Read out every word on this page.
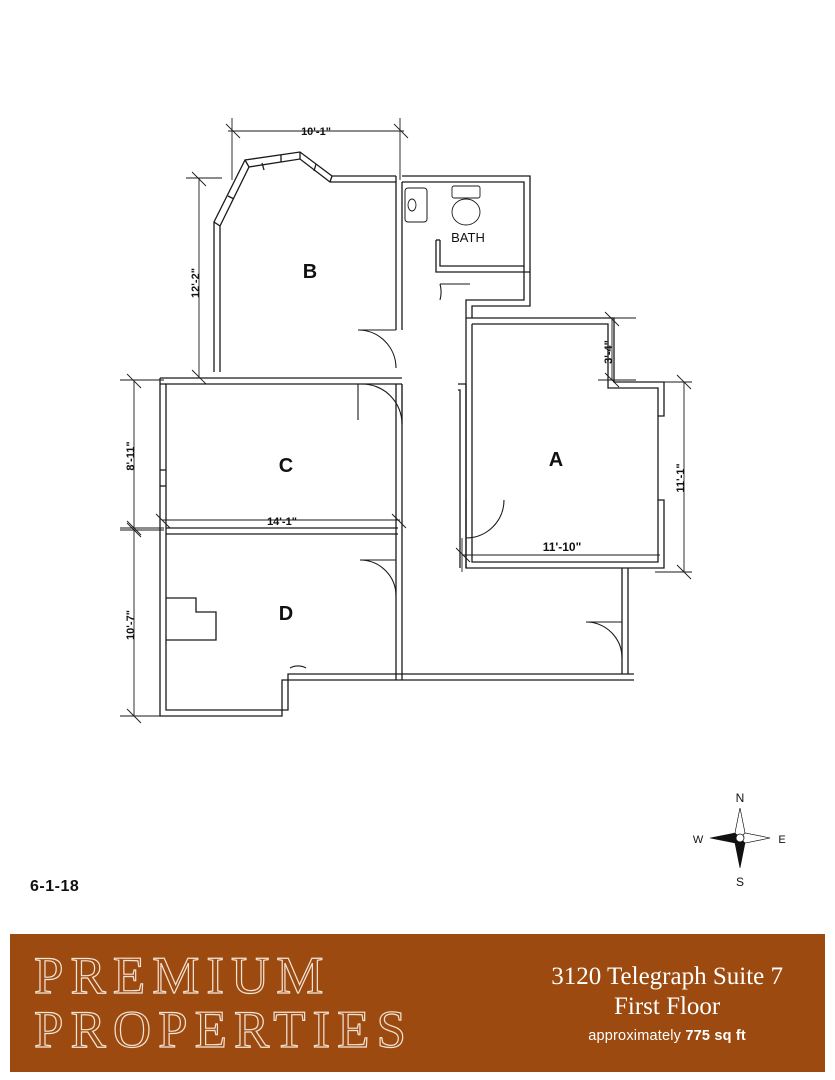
B
A
C
D
BATH
10'-1"
12'-2"
8'-11"
10'-7"
14'-1"
3'-4"
11'-1"
11'-10"
N
S
E
W
6-1-18
PREMIUM
PROPERTIES
3120 Telegraph Suite 7
First Floor
approximately 775 sq ft
